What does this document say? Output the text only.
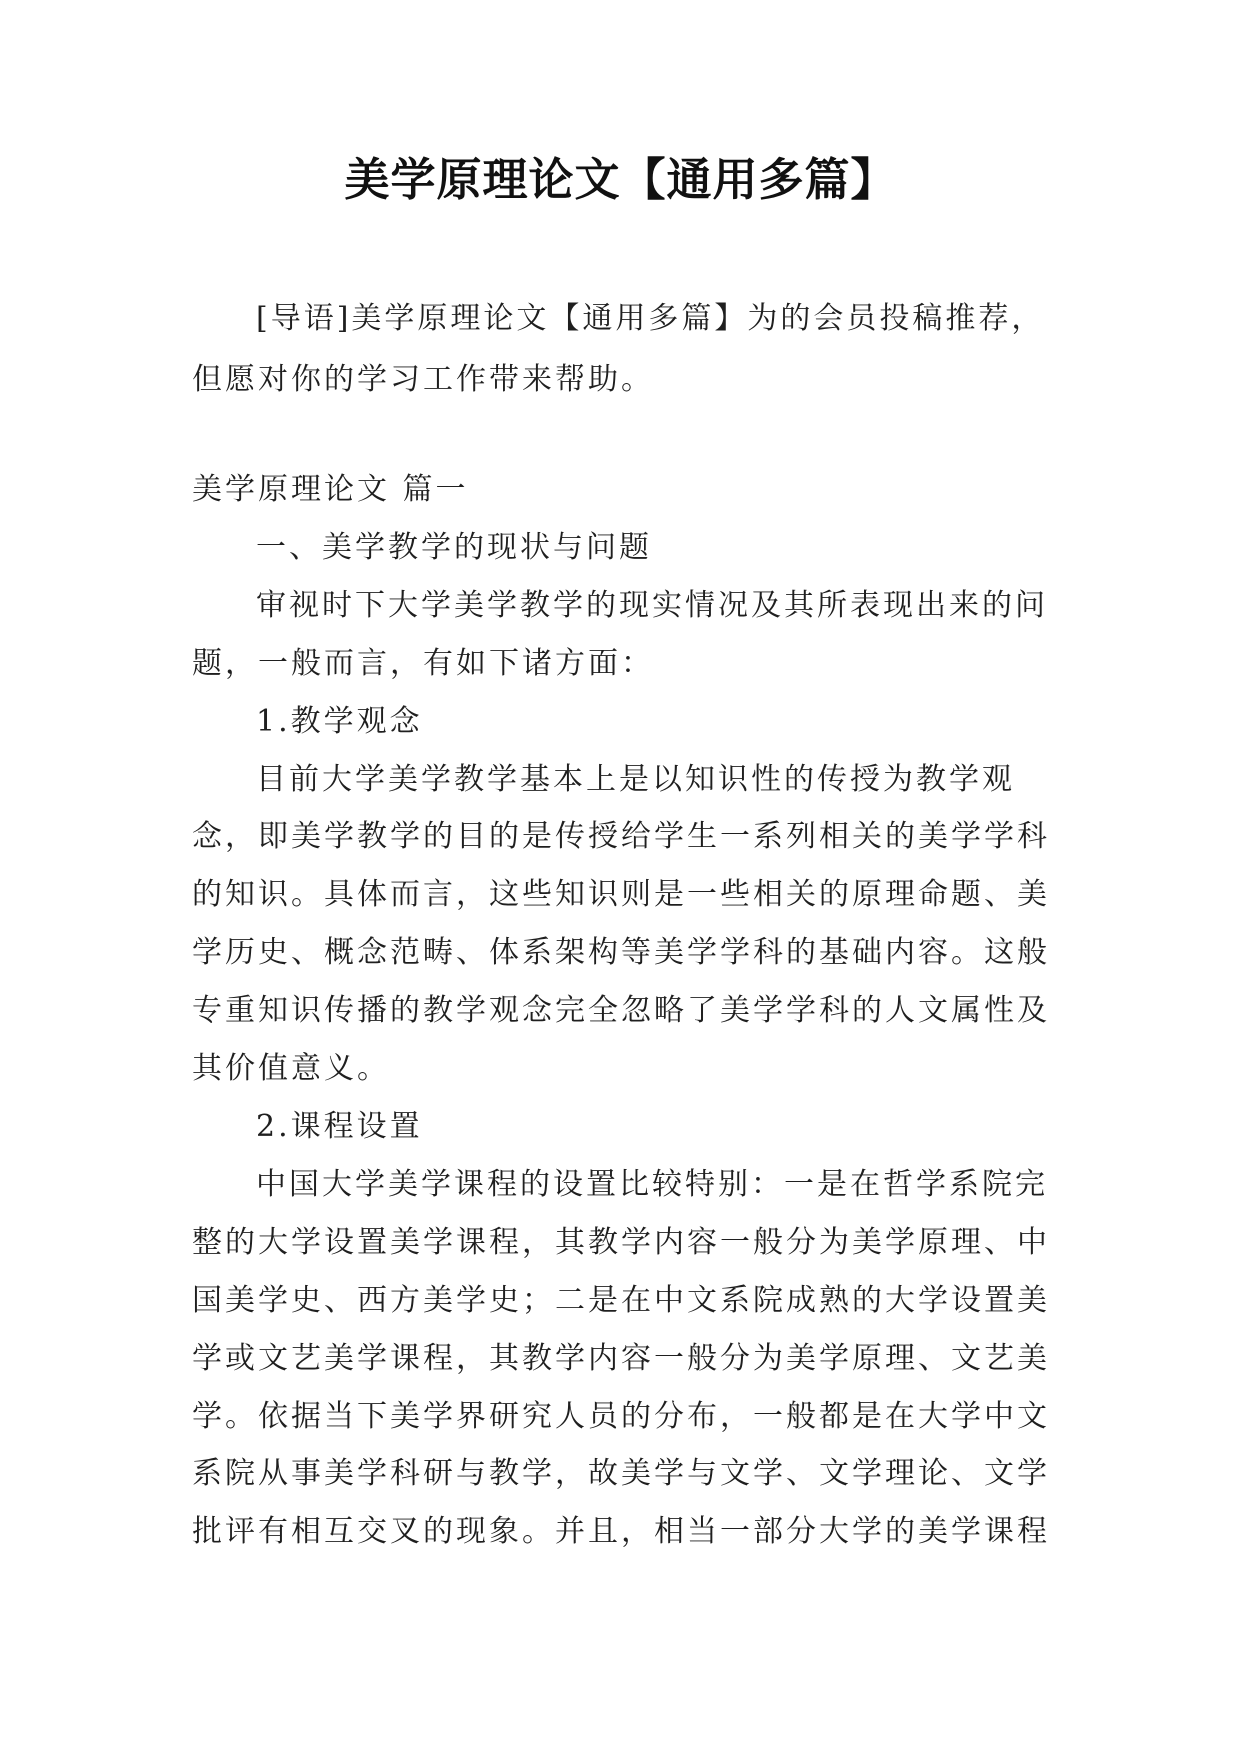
美学原理论文【通用多篇】
[导语]美学原理论文【通用多篇】为的会员投稿推荐，但愿对你的学习工作带来帮助。

美学原理论文 篇一

一、美学教学的现状与问题

审视时下大学美学教学的现实情况及其所表现出来的问题，一般而言，有如下诸方面：

1.教学观念

目前大学美学教学基本上是以知识性的传授为教学观念，即美学教学的目的是传授给学生一系列相关的美学学科的知识。具体而言，这些知识则是一些相关的原理命题、美学历史、概念范畴、体系架构等美学学科的基础内容。这般专重知识传播的教学观念完全忽略了美学学科的人文属性及其价值意义。

2.课程设置

中国大学美学课程的设置比较特别：一是在哲学系院完整的大学设置美学课程，其教学内容一般分为美学原理、中国美学史、西方美学史；二是在中文系院成熟的大学设置美学或文艺美学课程，其教学内容一般分为美学原理、文艺美学。依据当下美学界研究人员的分布，一般都是在大学中文系院从事美学科研与教学，故美学与文学、文学理论、文学批评有相互交叉的现象。并且，相当一部分大学的美学课程
